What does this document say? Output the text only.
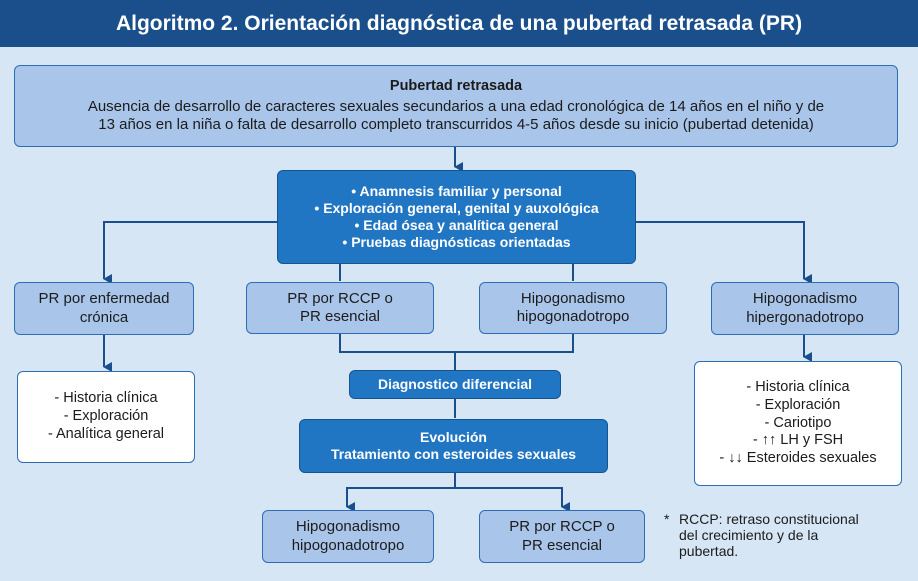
Algoritmo 2. Orientación diagnóstica de una pubertad retrasada (PR)
Pubertad retrasada
Ausencia de desarrollo de caracteres sexuales secundarios a una edad cronológica de 14 años en el niño y de
13 años en la niña o falta de desarrollo completo transcurridos 4-5 años desde su inicio (pubertad detenida)
• Anamnesis familiar y personal
• Exploración general, genital y auxológica
• Edad ósea y analítica general
• Pruebas diagnósticas orientadas
PR por enfermedad
crónica
PR por RCCP o
PR esencial
Hipogonadismo
hipogonadotropo
Hipogonadismo
hipergonadotropo
- Historia clínica
- Exploración
- Analítica general
- Historia clínica
- Exploración
- Cariotipo
- ↑↑ LH y FSH
- ↓↓ Esteroides sexuales
Diagnostico diferencial
Evolución
Tratamiento con esteroides sexuales
Hipogonadismo
hipogonadotropo
PR por RCCP o
PR esencial
* RCCP: retraso constitucional
del crecimiento y de la
pubertad.
